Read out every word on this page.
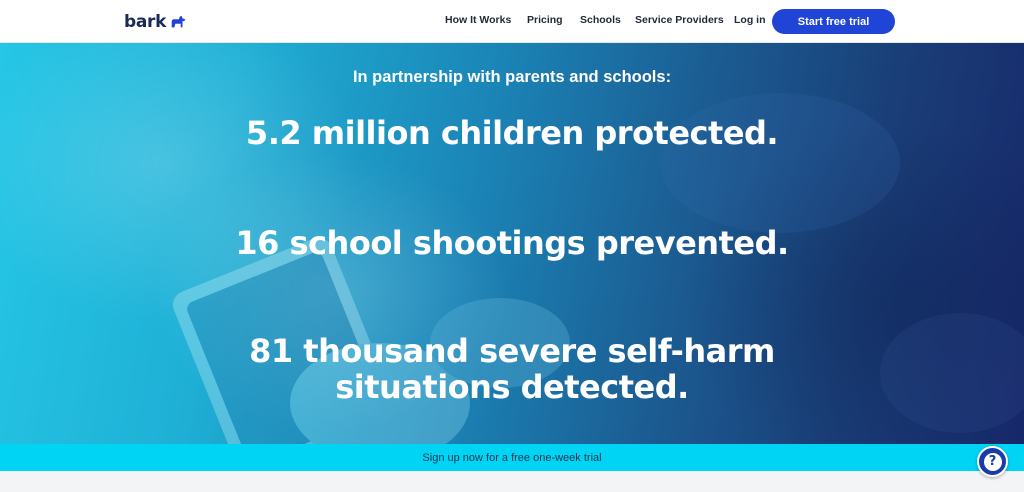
bark	How It Works Pricing Schools Service Providers Log in	Start free trial
In partnership with parents and schools:
5.2 million children protected.
16 school shootings prevented.
81 thousand severe self-harm situations detected.
Sign up now for a free one-week trial	?
